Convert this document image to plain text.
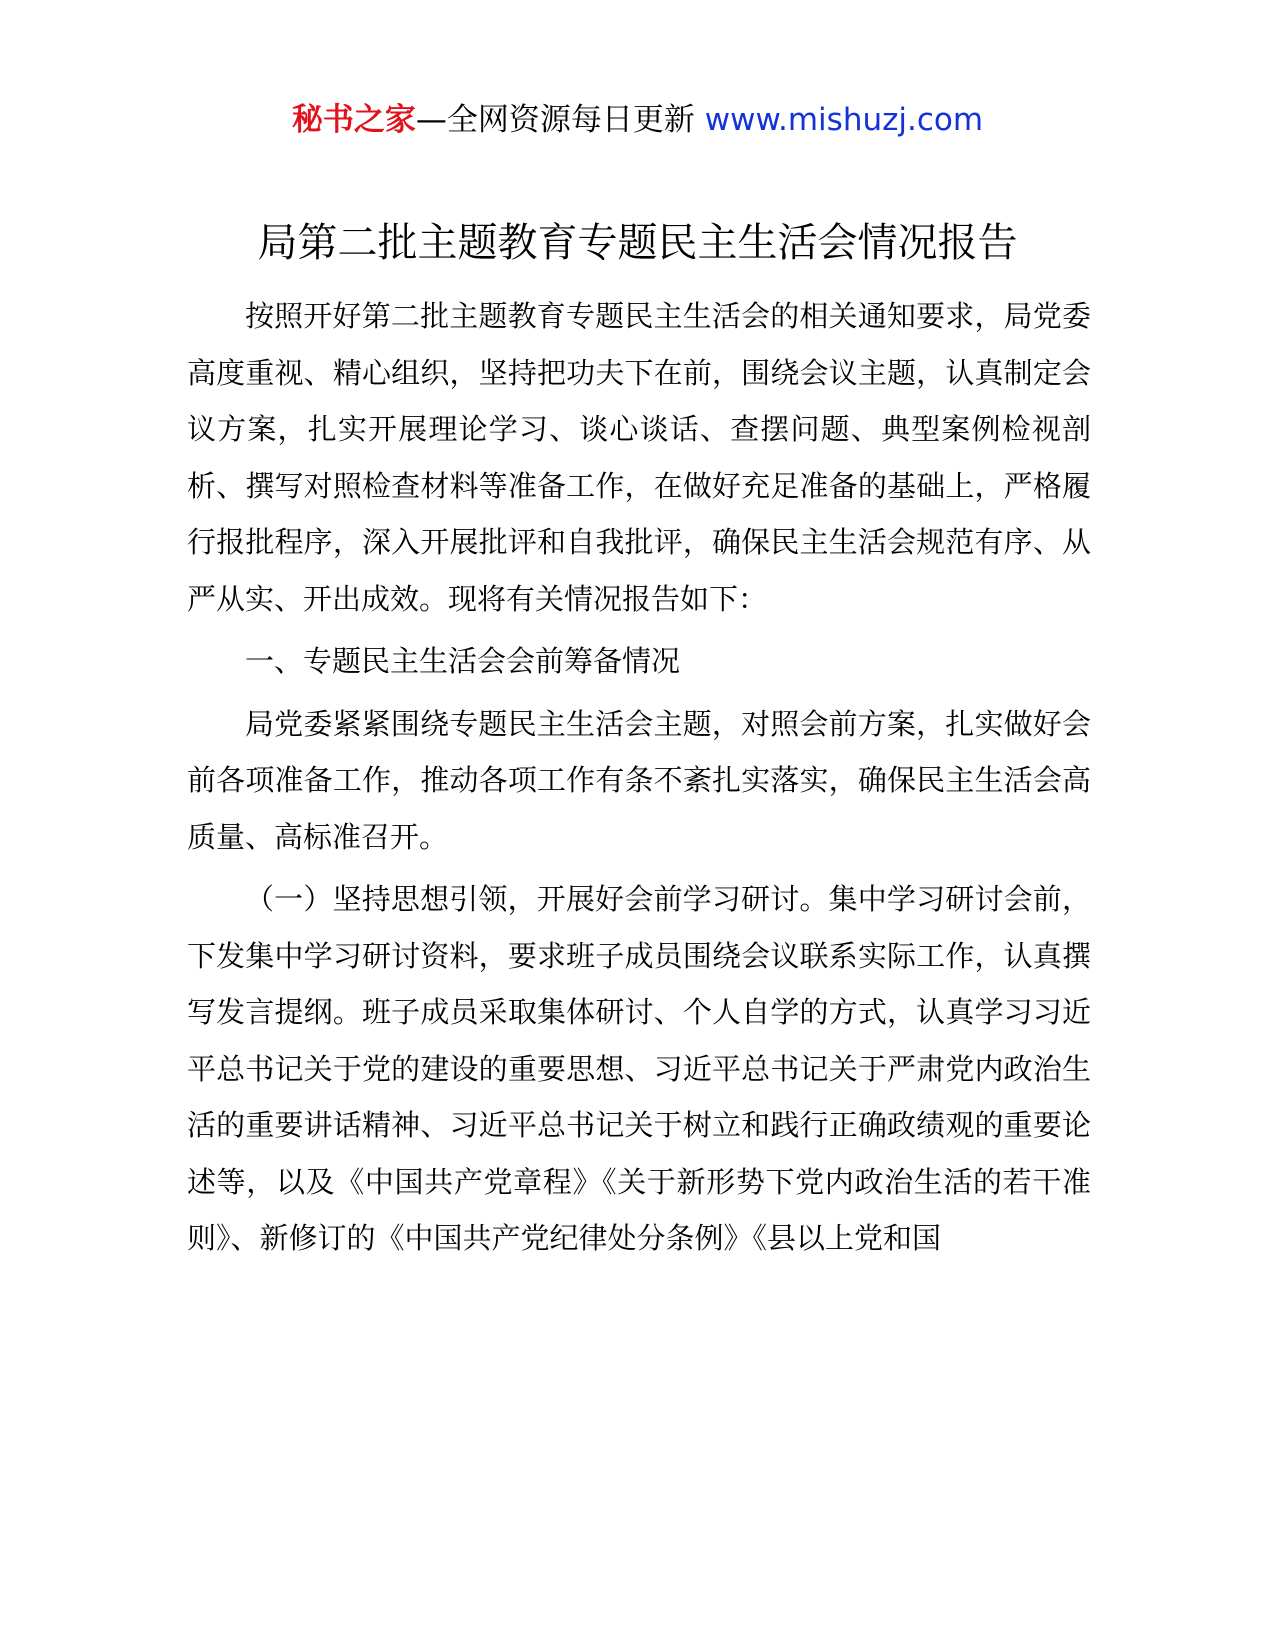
秘书之家—全网资源每日更新 www.mishuzj.com
局第二批主题教育专题民主生活会情况报告

按照开好第二批主题教育专题民主生活会的相关通知要求，局党委高度重视、精心组织，坚持把功夫下在前，围绕会议主题，认真制定会议方案，扎实开展理论学习、谈心谈话、查摆问题、典型案例检视剖析、撰写对照检查材料等准备工作，在做好充足准备的基础上，严格履行报批程序，深入开展批评和自我批评，确保民主生活会规范有序、从严从实、开出成效。现将有关情况报告如下：

一、专题民主生活会会前筹备情况

局党委紧紧围绕专题民主生活会主题，对照会前方案，扎实做好会前各项准备工作，推动各项工作有条不紊扎实落实，确保民主生活会高质量、高标准召开。

（一）坚持思想引领，开展好会前学习研讨。集中学习研讨会前，下发集中学习研讨资料，要求班子成员围绕会议联系实际工作，认真撰写发言提纲。班子成员采取集体研讨、个人自学的方式，认真学习习近平总书记关于党的建设的重要思想、习近平总书记关于严肃党内政治生活的重要讲话精神、习近平总书记关于树立和践行正确政绩观的重要论述等，以及《中国共产党章程》《关于新形势下党内政治生活的若干准则》、新修订的《中国共产党纪律处分条例》《县以上党和国
